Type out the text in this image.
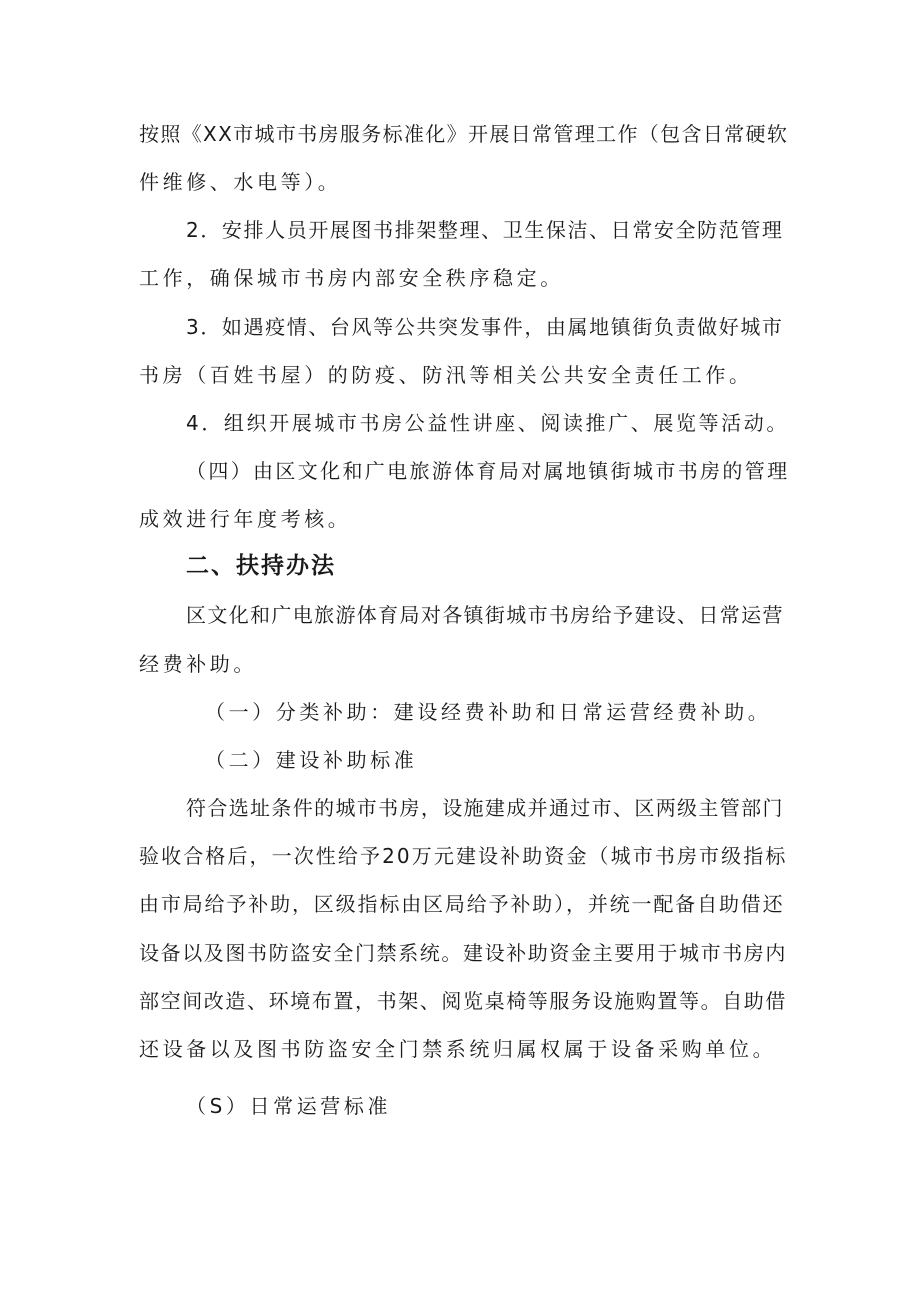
按照《XX市城市书房服务标准化》开展日常管理工作（包含日常硬软
件维修、水电等）。
2．安排人员开展图书排架整理、卫生保洁、日常安全防范管理
工作，确保城市书房内部安全秩序稳定。
3．如遇疫情、台风等公共突发事件，由属地镇街负责做好城市
书房（百姓书屋）的防疫、防汛等相关公共安全责任工作。
4．组织开展城市书房公益性讲座、阅读推广、展览等活动。
（四）由区文化和广电旅游体育局对属地镇街城市书房的管理
成效进行年度考核。
二、扶持办法
区文化和广电旅游体育局对各镇街城市书房给予建设、日常运营
经费补助。
（一）分类补助：建设经费补助和日常运营经费补助。
（二）建设补助标准
符合选址条件的城市书房，设施建成并通过市、区两级主管部门
验收合格后，一次性给予20万元建设补助资金（城市书房市级指标
由市局给予补助，区级指标由区局给予补助），并统一配备自助借还
设备以及图书防盗安全门禁系统。建设补助资金主要用于城市书房内
部空间改造、环境布置，书架、阅览桌椅等服务设施购置等。自助借
还设备以及图书防盗安全门禁系统归属权属于设备采购单位。
（S）日常运营标准
